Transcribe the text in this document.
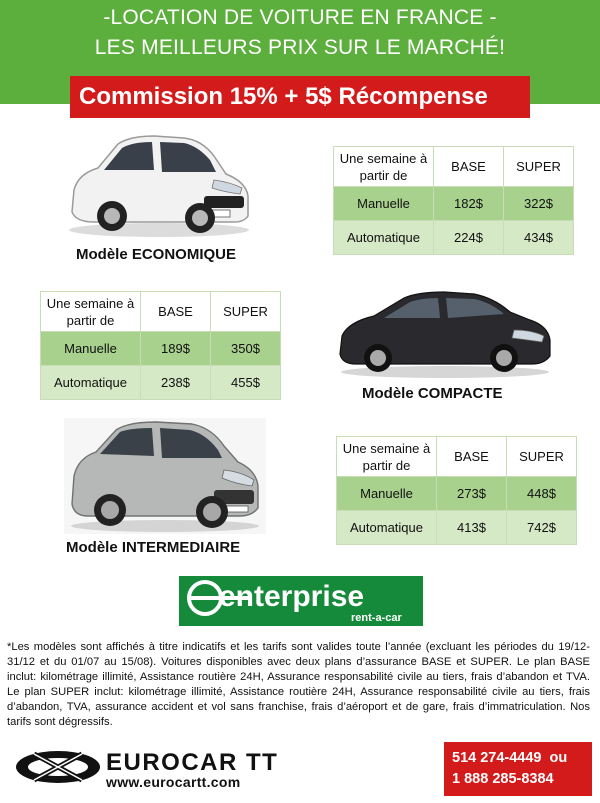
-LOCATION DE VOITURE EN FRANCE -
LES MEILLEURS PRIX SUR LE MARCHÉ!
Commission 15% + 5$ Récompense
Modèle ECONOMIQUE
Une semaine à
partir de	BASE	SUPER
Manuelle	182$	322$
Automatique	224$	434$
Une semaine à
partir de	BASE	SUPER
Manuelle	189$	350$
Automatique	238$	455$
Modèle COMPACTE
Modèle INTERMEDIAIRE
Une semaine à
partir de	BASE	SUPER
Manuelle	273$	448$
Automatique	413$	742$
enterprise
rent-a-car
*Les modèles sont affichés à titre indicatifs et les tarifs sont valides toute l’année (excluant les périodes du 19/12-31/12 et du 01/07 au 15/08). Voitures disponibles avec deux plans d’assurance BASE et SUPER. Le plan BASE inclut: kilométrage illimité, Assistance routière 24H, Assurance responsabilité civile au tiers, frais d’abandon et TVA. Le plan SUPER inclut: kilométrage illimité, Assistance routière 24H, Assurance responsabilité civile au tiers, frais d’abandon, TVA, assurance accident et vol sans franchise, frais d’aéroport et de gare, frais d’immatriculation. Nos tarifs sont dégressifs.
EUROCAR TT
www.eurocartt.com
514 274-4449  ou
1 888 285-8384
